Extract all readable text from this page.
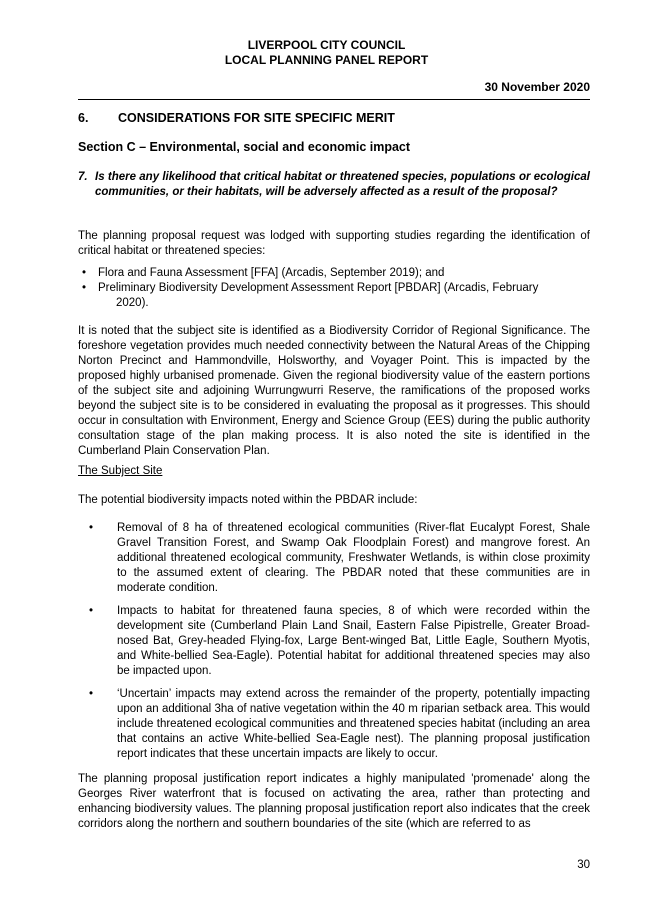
LIVERPOOL CITY COUNCIL
LOCAL PLANNING PANEL REPORT
30 November 2020
6. CONSIDERATIONS FOR SITE SPECIFIC MERIT
Section C – Environmental, social and economic impact
7. Is there any likelihood that critical habitat or threatened species, populations or ecological communities, or their habitats, will be adversely affected as a result of the proposal?

The planning proposal request was lodged with supporting studies regarding the identification of critical habitat or threatened species:

• Flora and Fauna Assessment [FFA] (Arcadis, September 2019); and
• Preliminary Biodiversity Development Assessment Report [PBDAR] (Arcadis, February
2020).

It is noted that the subject site is identified as a Biodiversity Corridor of Regional Significance. The foreshore vegetation provides much needed connectivity between the Natural Areas of the Chipping Norton Precinct and Hammondville, Holsworthy, and Voyager Point. This is impacted by the proposed highly urbanised promenade. Given the regional biodiversity value of the eastern portions of the subject site and adjoining Wurrungwurri Reserve, the ramifications of the proposed works beyond the subject site is to be considered in evaluating the proposal as it progresses. This should occur in consultation with Environment, Energy and Science Group (EES) during the public authority consultation stage of the plan making process. It is also noted the site is identified in the Cumberland Plain Conservation Plan.

The Subject Site

The potential biodiversity impacts noted within the PBDAR include:

• Removal of 8 ha of threatened ecological communities (River-flat Eucalypt Forest, Shale Gravel Transition Forest, and Swamp Oak Floodplain Forest) and mangrove forest. An additional threatened ecological community, Freshwater Wetlands, is within close proximity to the assumed extent of clearing. The PBDAR noted that these communities are in moderate condition.
• Impacts to habitat for threatened fauna species, 8 of which were recorded within the development site (Cumberland Plain Land Snail, Eastern False Pipistrelle, Greater Broad-nosed Bat, Grey-headed Flying-fox, Large Bent-winged Bat, Little Eagle, Southern Myotis, and White-bellied Sea-Eagle). Potential habitat for additional threatened species may also be impacted upon.
• ‘Uncertain’ impacts may extend across the remainder of the property, potentially impacting upon an additional 3ha of native vegetation within the 40 m riparian setback area. This would include threatened ecological communities and threatened species habitat (including an area that contains an active White-bellied Sea-Eagle nest). The planning proposal justification report indicates that these uncertain impacts are likely to occur.

The planning proposal justification report indicates a highly manipulated 'promenade' along the Georges River waterfront that is focused on activating the area, rather than protecting and enhancing biodiversity values. The planning proposal justification report also indicates that the creek corridors along the northern and southern boundaries of the site (which are referred to as

30
